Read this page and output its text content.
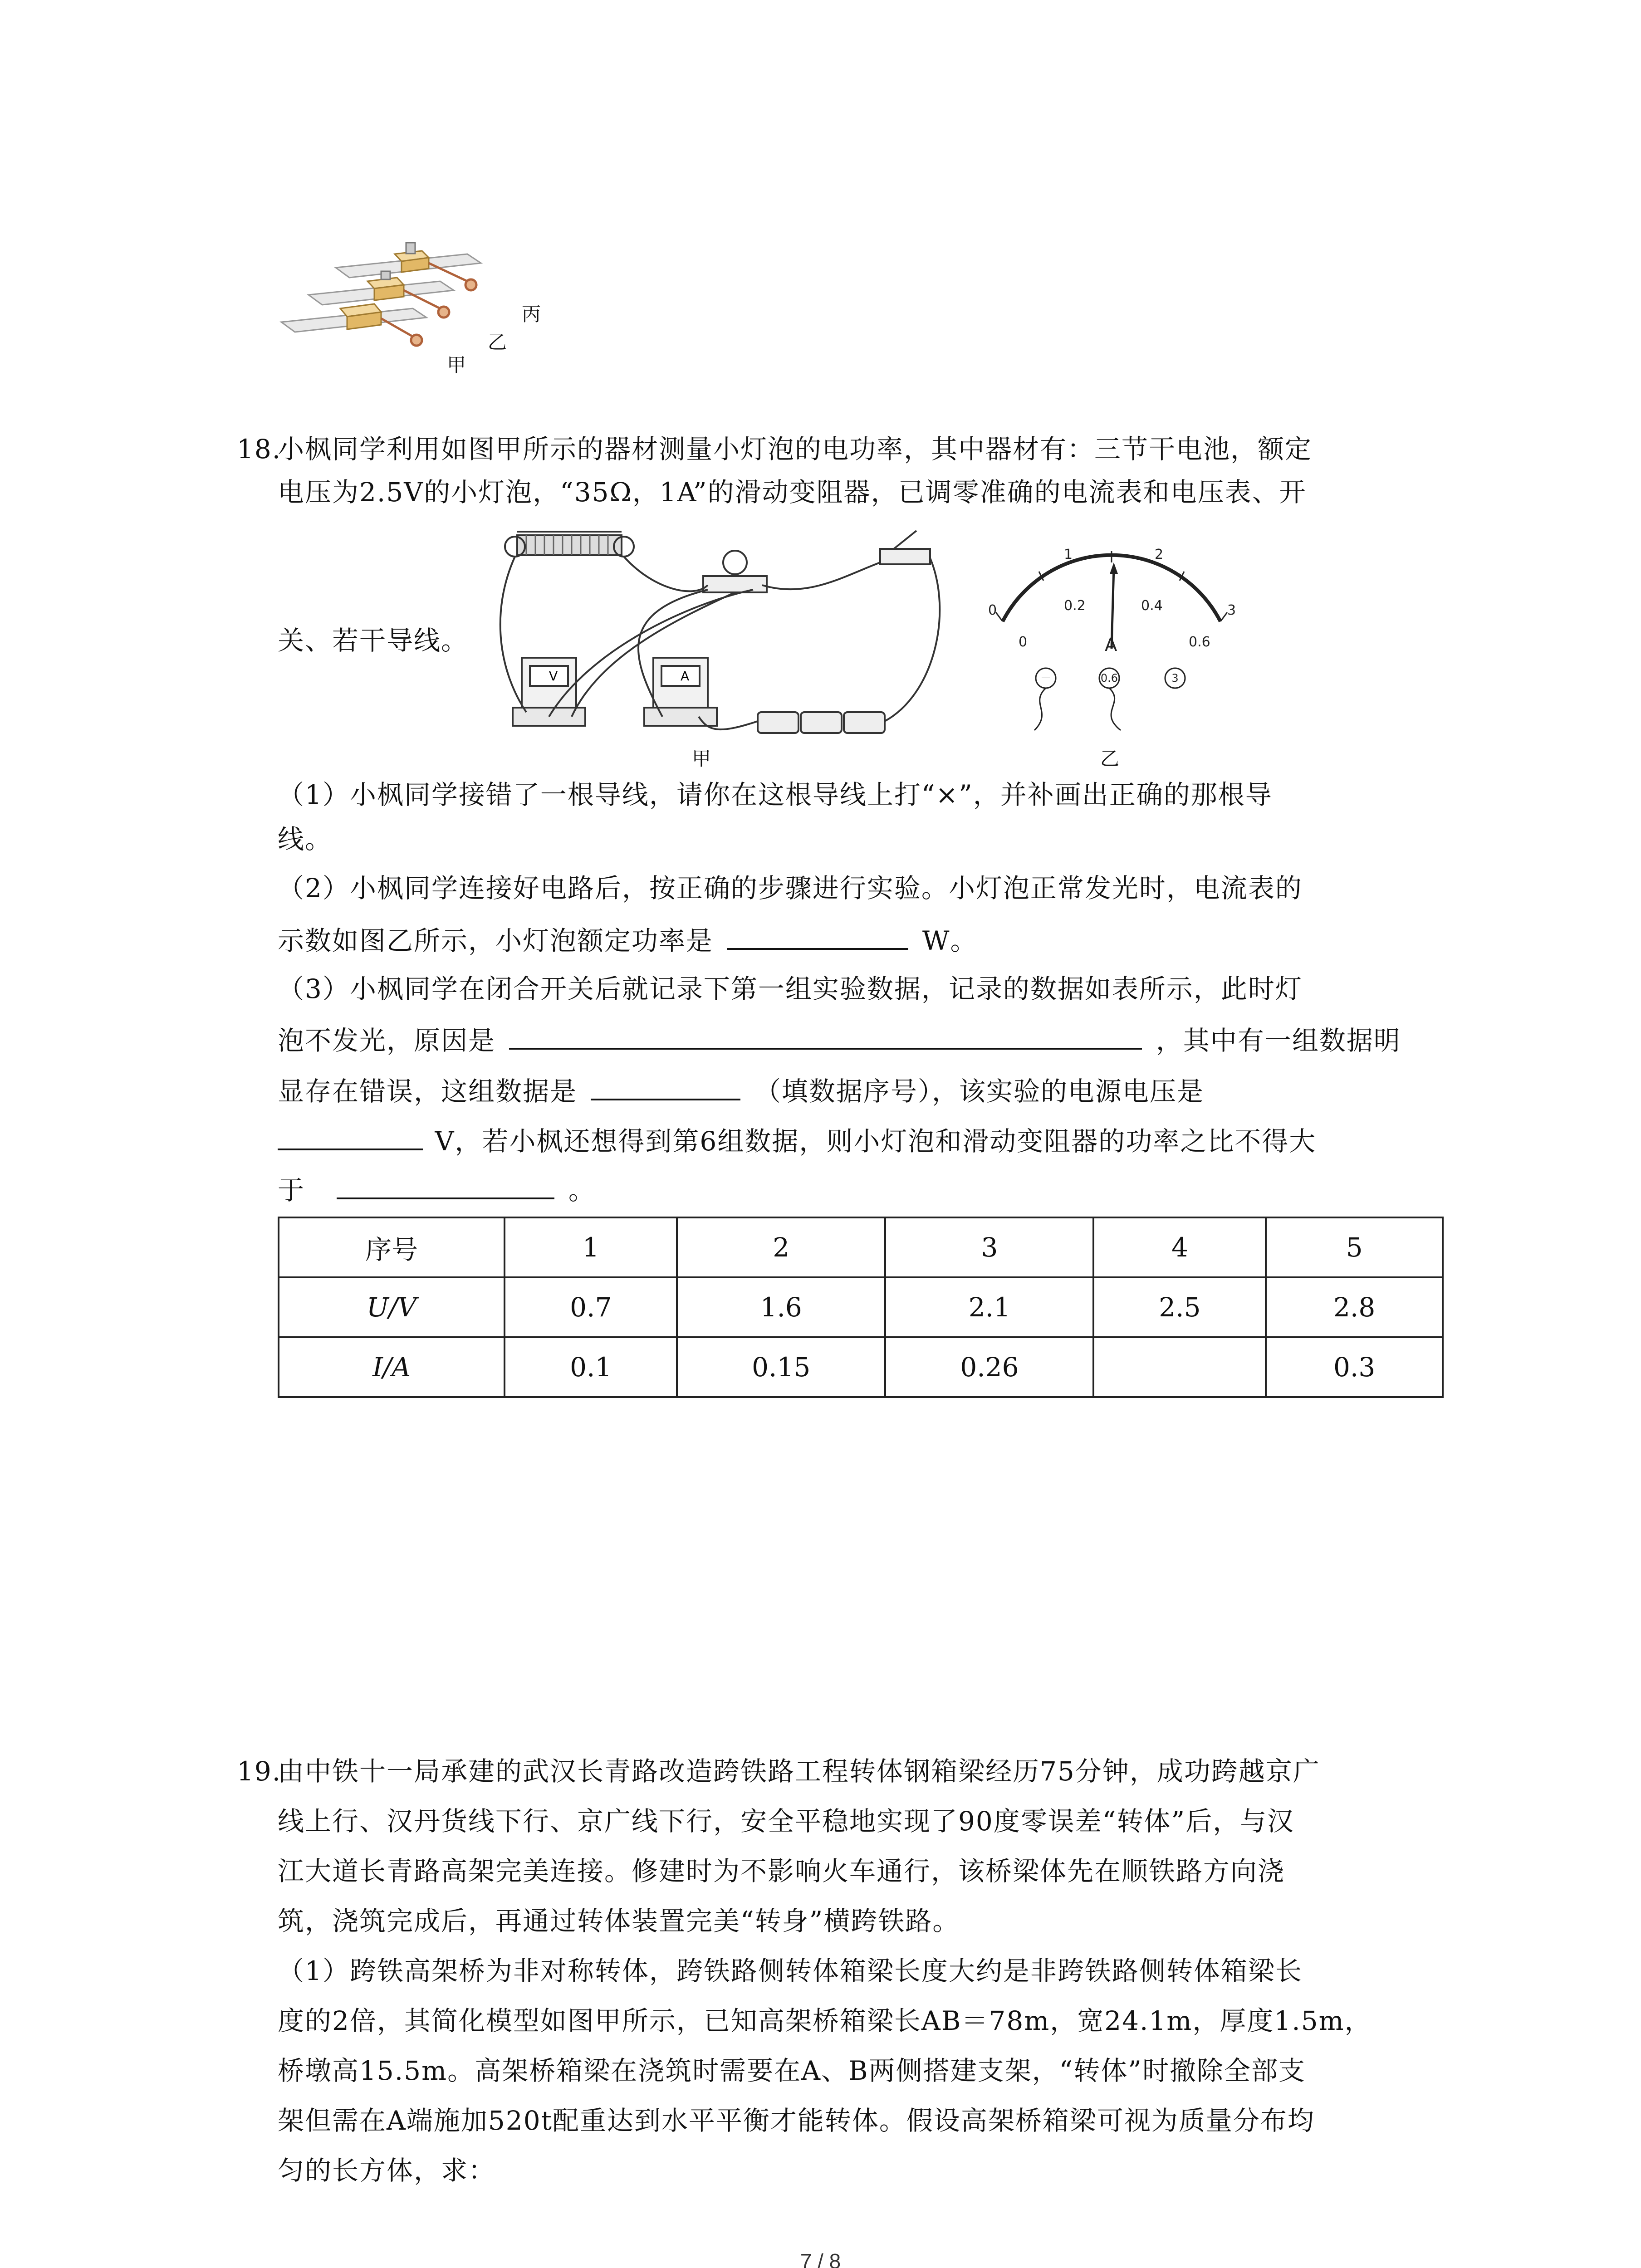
丙
乙
甲
18.
小枫同学利用如图甲所示的器材测量小灯泡的电功率，其中器材有：三节干电池，额定
电压为2.5V的小灯泡，“35Ω，1A”的滑动变阻器，已调零准确的电流表和电压表、开
关、若干导线。
V	A
甲
0
1	2
3
0
0.2	0.4
0.6
A
－	0.6	3
乙
（1）小枫同学接错了一根导线，请你在这根导线上打“×”，并补画出正确的那根导
线。
（2）小枫同学连接好电路后，按正确的步骤进行实验。小灯泡正常发光时，电流表的
示数如图乙所示，小灯泡额定功率是	W。
（3）小枫同学在闭合开关后就记录下第一组实验数据，记录的数据如表所示，此时灯
泡不发光，原因是	，其中有一组数据明
显存在错误，这组数据是	（填数据序号），该实验的电源电压是
V，若小枫还想得到第6组数据，则小灯泡和滑动变阻器的功率之比不得大
于	。
序号	1	2	3	4	5
U/V	0.7	1.6	2.1	2.5	2.8
I/A	0.1	0.15	0.26		0.3
19.
由中铁十一局承建的武汉长青路改造跨铁路工程转体钢箱梁经历75分钟，成功跨越京广
线上行、汉丹货线下行、京广线下行，安全平稳地实现了90度零误差“转体”后，与汉
江大道长青路高架完美连接。修建时为不影响火车通行，该桥梁体先在顺铁路方向浇
筑，浇筑完成后，再通过转体装置完美“转身”横跨铁路。
（1）跨铁高架桥为非对称转体，跨铁路侧转体箱梁长度大约是非跨铁路侧转体箱梁长
度的2倍，其简化模型如图甲所示，已知高架桥箱梁长AB＝78m，宽24.1m，厚度1.5m，
桥墩高15.5m。高架桥箱梁在浇筑时需要在A、B两侧搭建支架，“转体”时撤除全部支
架但需在A端施加520t配重达到水平平衡才能转体。假设高架桥箱梁可视为质量分布均
匀的长方体，求：
7 / 8
